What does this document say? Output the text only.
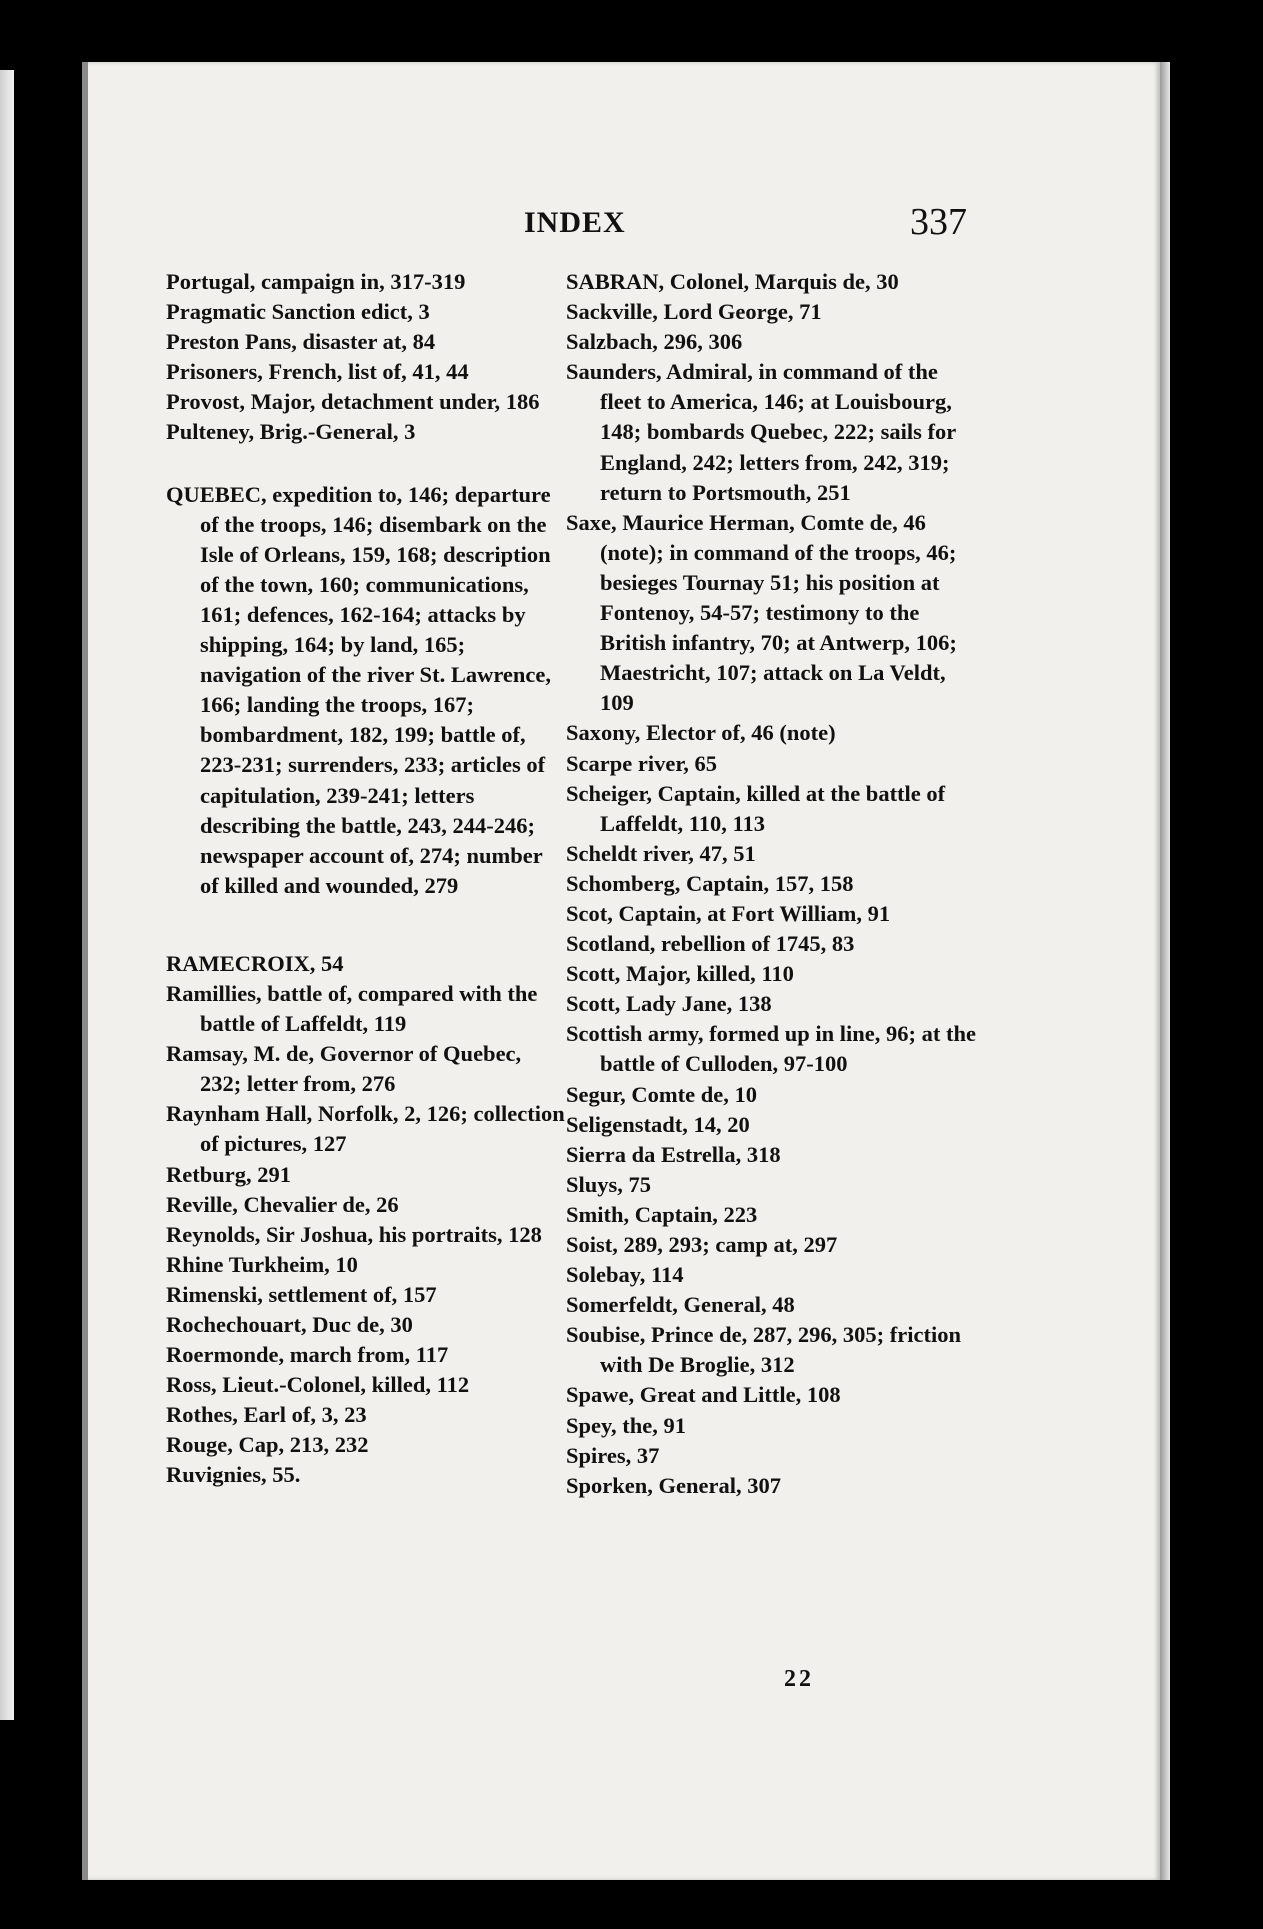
INDEX	337
Portugal, campaign in, 317-319
Pragmatic Sanction edict, 3
Preston Pans, disaster at, 84
Prisoners, French, list of, 41, 44
Provost, Major, detachment under, 186
Pulteney, Brig.-General, 3
QUEBEC, expedition to, 146; departure of the troops, 146; disembark on the Isle of Orleans, 159, 168; description of the town, 160; communications, 161; defences, 162-164; attacks by shipping, 164; by land, 165; navigation of the river St. Lawrence, 166; landing the troops, 167; bombardment, 182, 199; battle of, 223-231; surrenders, 233; articles of capitulation, 239-241; letters describing the battle, 243, 244-246; newspaper account of, 274; number of killed and wounded, 279
RAMECROIX, 54
Ramillies, battle of, compared with the battle of Laffeldt, 119
Ramsay, M. de, Governor of Quebec, 232; letter from, 276
Raynham Hall, Norfolk, 2, 126; collection of pictures, 127
Retburg, 291
Reville, Chevalier de, 26
Reynolds, Sir Joshua, his portraits, 128
Rhine Turkheim, 10
Rimenski, settlement of, 157
Rochechouart, Duc de, 30
Roermonde, march from, 117
Ross, Lieut.-Colonel, killed, 112
Rothes, Earl of, 3, 23
Rouge, Cap, 213, 232
Ruvignies, 55.
SABRAN, Colonel, Marquis de, 30
Sackville, Lord George, 71
Salzbach, 296, 306
Saunders, Admiral, in command of the fleet to America, 146; at Louisbourg, 148; bombards Quebec, 222; sails for England, 242; letters from, 242, 319; return to Portsmouth, 251
Saxe, Maurice Herman, Comte de, 46 (note); in command of the troops, 46; besieges Tournay 51; his position at Fontenoy, 54-57; testimony to the British infantry, 70; at Antwerp, 106; Maestricht, 107; attack on La Veldt, 109
Saxony, Elector of, 46 (note)
Scarpe river, 65
Scheiger, Captain, killed at the battle of Laffeldt, 110, 113
Scheldt river, 47, 51
Schomberg, Captain, 157, 158
Scot, Captain, at Fort William, 91
Scotland, rebellion of 1745, 83
Scott, Major, killed, 110
Scott, Lady Jane, 138
Scottish army, formed up in line, 96; at the battle of Culloden, 97-100
Segur, Comte de, 10
Seligenstadt, 14, 20
Sierra da Estrella, 318
Sluys, 75
Smith, Captain, 223
Soist, 289, 293; camp at, 297
Solebay, 114
Somerfeldt, General, 48
Soubise, Prince de, 287, 296, 305; friction with De Broglie, 312
Spawe, Great and Little, 108
Spey, the, 91
Spires, 37
Sporken, General, 307
22
